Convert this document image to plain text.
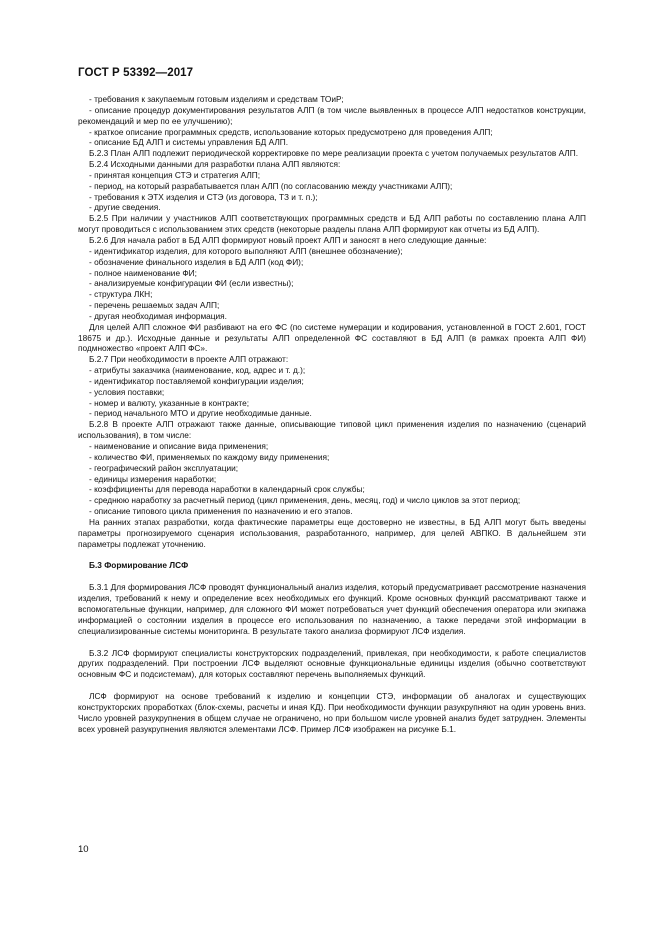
ГОСТ Р 53392—2017

- требования к закупаемым готовым изделиям и средствам ТОиР;

- описание процедур документирования результатов АЛП (в том числе выявленных в процессе АЛП недостатков конструкции, рекомендаций и мер по ее улучшению);

- краткое описание программных средств, использование которых предусмотрено для проведения АЛП;

- описание БД АЛП и системы управления БД АЛП.

Б.2.3 План АЛП подлежит периодической корректировке по мере реализации проекта с учетом получаемых результатов АЛП.

Б.2.4 Исходными данными для разработки плана АЛП являются:

- принятая концепция СТЭ и стратегия АЛП;

- период, на который разрабатывается план АЛП (по согласованию между участниками АЛП);

- требования к ЭТХ изделия и СТЭ (из договора, ТЗ и т. п.);

- другие сведения.

Б.2.5 При наличии у участников АЛП соответствующих программных средств и БД АЛП работы по составлению плана АЛП могут проводиться с использованием этих средств (некоторые разделы плана АЛП формируют как отчеты из БД АЛП).

Б.2.6 Для начала работ в БД АЛП формируют новый проект АЛП и заносят в него следующие данные:

- идентификатор изделия, для которого выполняют АЛП (внешнее обозначение);

- обозначение финального изделия в БД АЛП (код ФИ);

- полное наименование ФИ;

- анализируемые конфигурации ФИ (если известны);

- структура ЛКН;

- перечень решаемых задач АЛП;

- другая необходимая информация.

Для целей АЛП сложное ФИ разбивают на его ФС (по системе нумерации и кодирования, установленной в ГОСТ 2.601, ГОСТ 18675 и др.). Исходные данные и результаты АЛП определенной ФС составляют в БД АЛП (в рамках проекта АЛП ФИ) подмножество «проект АЛП ФС».

Б.2.7 При необходимости в проекте АЛП отражают:

- атрибуты заказчика (наименование, код, адрес и т. д.);

- идентификатор поставляемой конфигурации изделия;

- условия поставки;

- номер и валюту, указанные в контракте;

- период начального МТО и другие необходимые данные.

Б.2.8 В проекте АЛП отражают также данные, описывающие типовой цикл применения изделия по назначению (сценарий использования), в том числе:

- наименование и описание вида применения;

- количество ФИ, применяемых по каждому виду применения;

- географический район эксплуатации;

- единицы измерения наработки;

- коэффициенты для перевода наработки в календарный срок службы;

- среднюю наработку за расчетный период (цикл применения, день, месяц, год) и число циклов за этот период;

- описание типового цикла применения по назначению и его этапов.

На ранних этапах разработки, когда фактические параметры еще достоверно не известны, в БД АЛП могут быть введены параметры прогнозируемого сценария использования, разработанного, например, для целей АВПКО. В дальнейшем эти параметры подлежат уточнению.

Б.3 Формирование ЛСФ

Б.3.1 Для формирования ЛСФ проводят функциональный анализ изделия, который предусматривает рассмотрение назначения изделия, требований к нему и определение всех необходимых его функций. Кроме основных функций рассматривают также и вспомогательные функции, например, для сложного ФИ может потребоваться учет функций обеспечения оператора или экипажа информацией о состоянии изделия в процессе его использования по назначению, а также передачи этой информации в специализированные системы мониторинга. В результате такого анализа формируют ЛСФ изделия.

Б.3.2 ЛСФ формируют специалисты конструкторских подразделений, привлекая, при необходимости, к работе специалистов других подразделений. При построении ЛСФ выделяют основные функциональные единицы изделия (обычно соответствуют основным ФС и подсистемам), для которых составляют перечень выполняемых функций.

ЛСФ формируют на основе требований к изделию и концепции СТЭ, информации об аналогах и существующих конструкторских проработках (блок-схемы, расчеты и иная КД). При необходимости функции разукрупняют на один уровень вниз. Число уровней разукрупнения в общем случае не ограничено, но при большом числе уровней анализ будет затруднен. Элементы всех уровней разукрупнения являются элементами ЛСФ. Пример ЛСФ изображен на рисунке Б.1.

10
